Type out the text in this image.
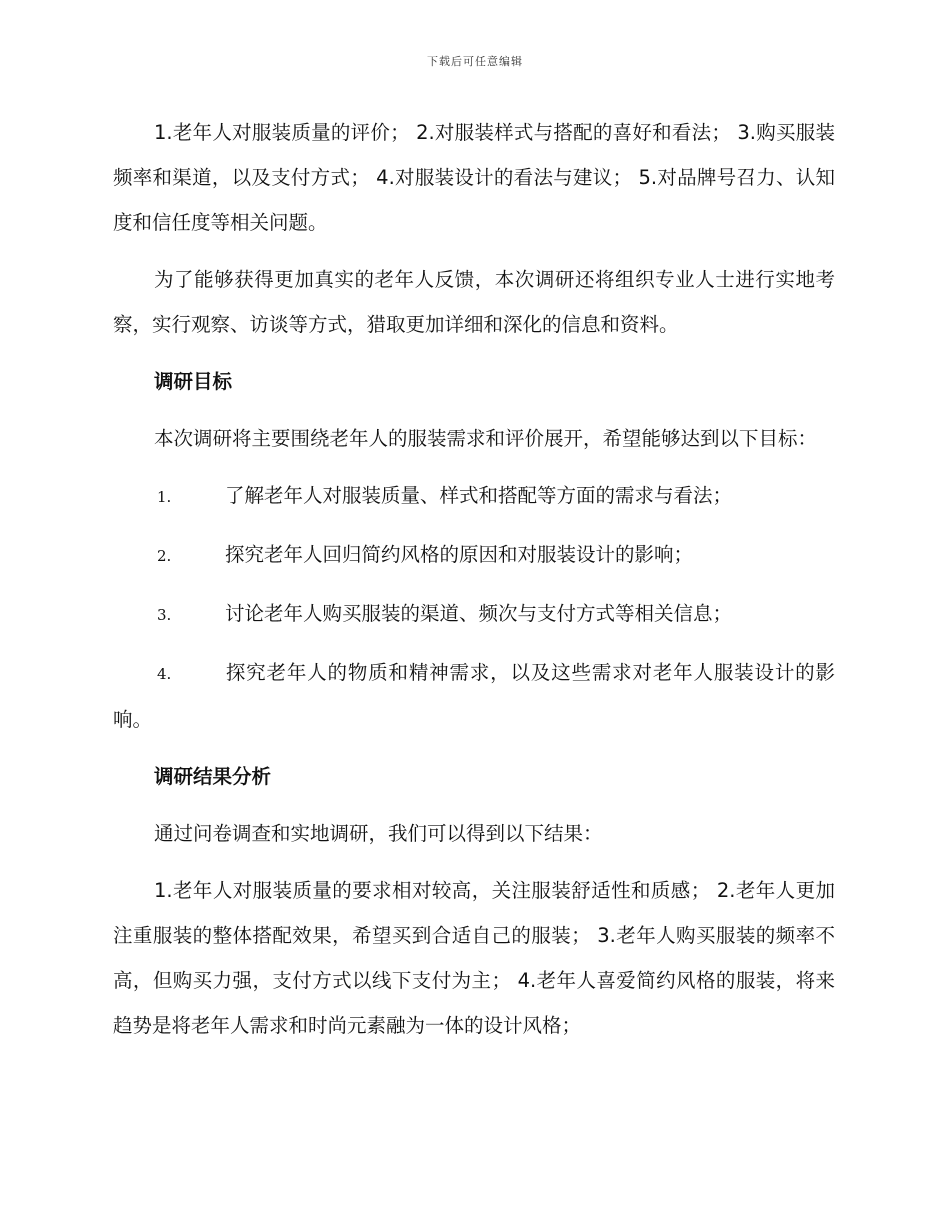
下载后可任意编辑

1.老年人对服装质量的评价； 2.对服装样式与搭配的喜好和看法； 3.购买服装频率和渠道，以及支付方式； 4.对服装设计的看法与建议； 5.对品牌号召力、认知度和信任度等相关问题。

为了能够获得更加真实的老年人反馈，本次调研还将组织专业人士进行实地考察，实行观察、访谈等方式，猎取更加详细和深化的信息和资料。

调研目标

本次调研将主要围绕老年人的服装需求和评价展开，希望能够达到以下目标：

1.	了解老年人对服装质量、样式和搭配等方面的需求与看法；

2.	探究老年人回归简约风格的原因和对服装设计的影响；

3.	讨论老年人购买服装的渠道、频次与支付方式等相关信息；

4.	探究老年人的物质和精神需求，以及这些需求对老年人服装设计的影响。

调研结果分析

通过问卷调查和实地调研，我们可以得到以下结果：

1.老年人对服装质量的要求相对较高，关注服装舒适性和质感； 2.老年人更加注重服装的整体搭配效果，希望买到合适自己的服装； 3.老年人购买服装的频率不高，但购买力强，支付方式以线下支付为主； 4.老年人喜爱简约风格的服装，将来趋势是将老年人需求和时尚元素融为一体的设计风格；
